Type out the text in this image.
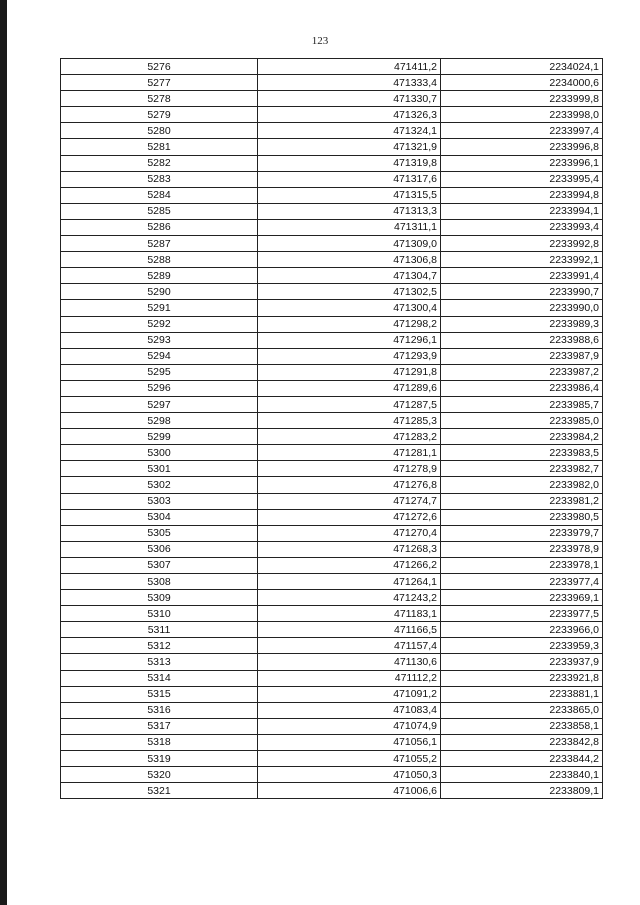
123
5276	471411,2	2234024,1
5277	471333,4	2234000,6
5278	471330,7	2233999,8
5279	471326,3	2233998,0
5280	471324,1	2233997,4
5281	471321,9	2233996,8
5282	471319,8	2233996,1
5283	471317,6	2233995,4
5284	471315,5	2233994,8
5285	471313,3	2233994,1
5286	471311,1	2233993,4
5287	471309,0	2233992,8
5288	471306,8	2233992,1
5289	471304,7	2233991,4
5290	471302,5	2233990,7
5291	471300,4	2233990,0
5292	471298,2	2233989,3
5293	471296,1	2233988,6
5294	471293,9	2233987,9
5295	471291,8	2233987,2
5296	471289,6	2233986,4
5297	471287,5	2233985,7
5298	471285,3	2233985,0
5299	471283,2	2233984,2
5300	471281,1	2233983,5
5301	471278,9	2233982,7
5302	471276,8	2233982,0
5303	471274,7	2233981,2
5304	471272,6	2233980,5
5305	471270,4	2233979,7
5306	471268,3	2233978,9
5307	471266,2	2233978,1
5308	471264,1	2233977,4
5309	471243,2	2233969,1
5310	471183,1	2233977,5
5311	471166,5	2233966,0
5312	471157,4	2233959,3
5313	471130,6	2233937,9
5314	471112,2	2233921,8
5315	471091,2	2233881,1
5316	471083,4	2233865,0
5317	471074,9	2233858,1
5318	471056,1	2233842,8
5319	471055,2	2233844,2
5320	471050,3	2233840,1
5321	471006,6	2233809,1
